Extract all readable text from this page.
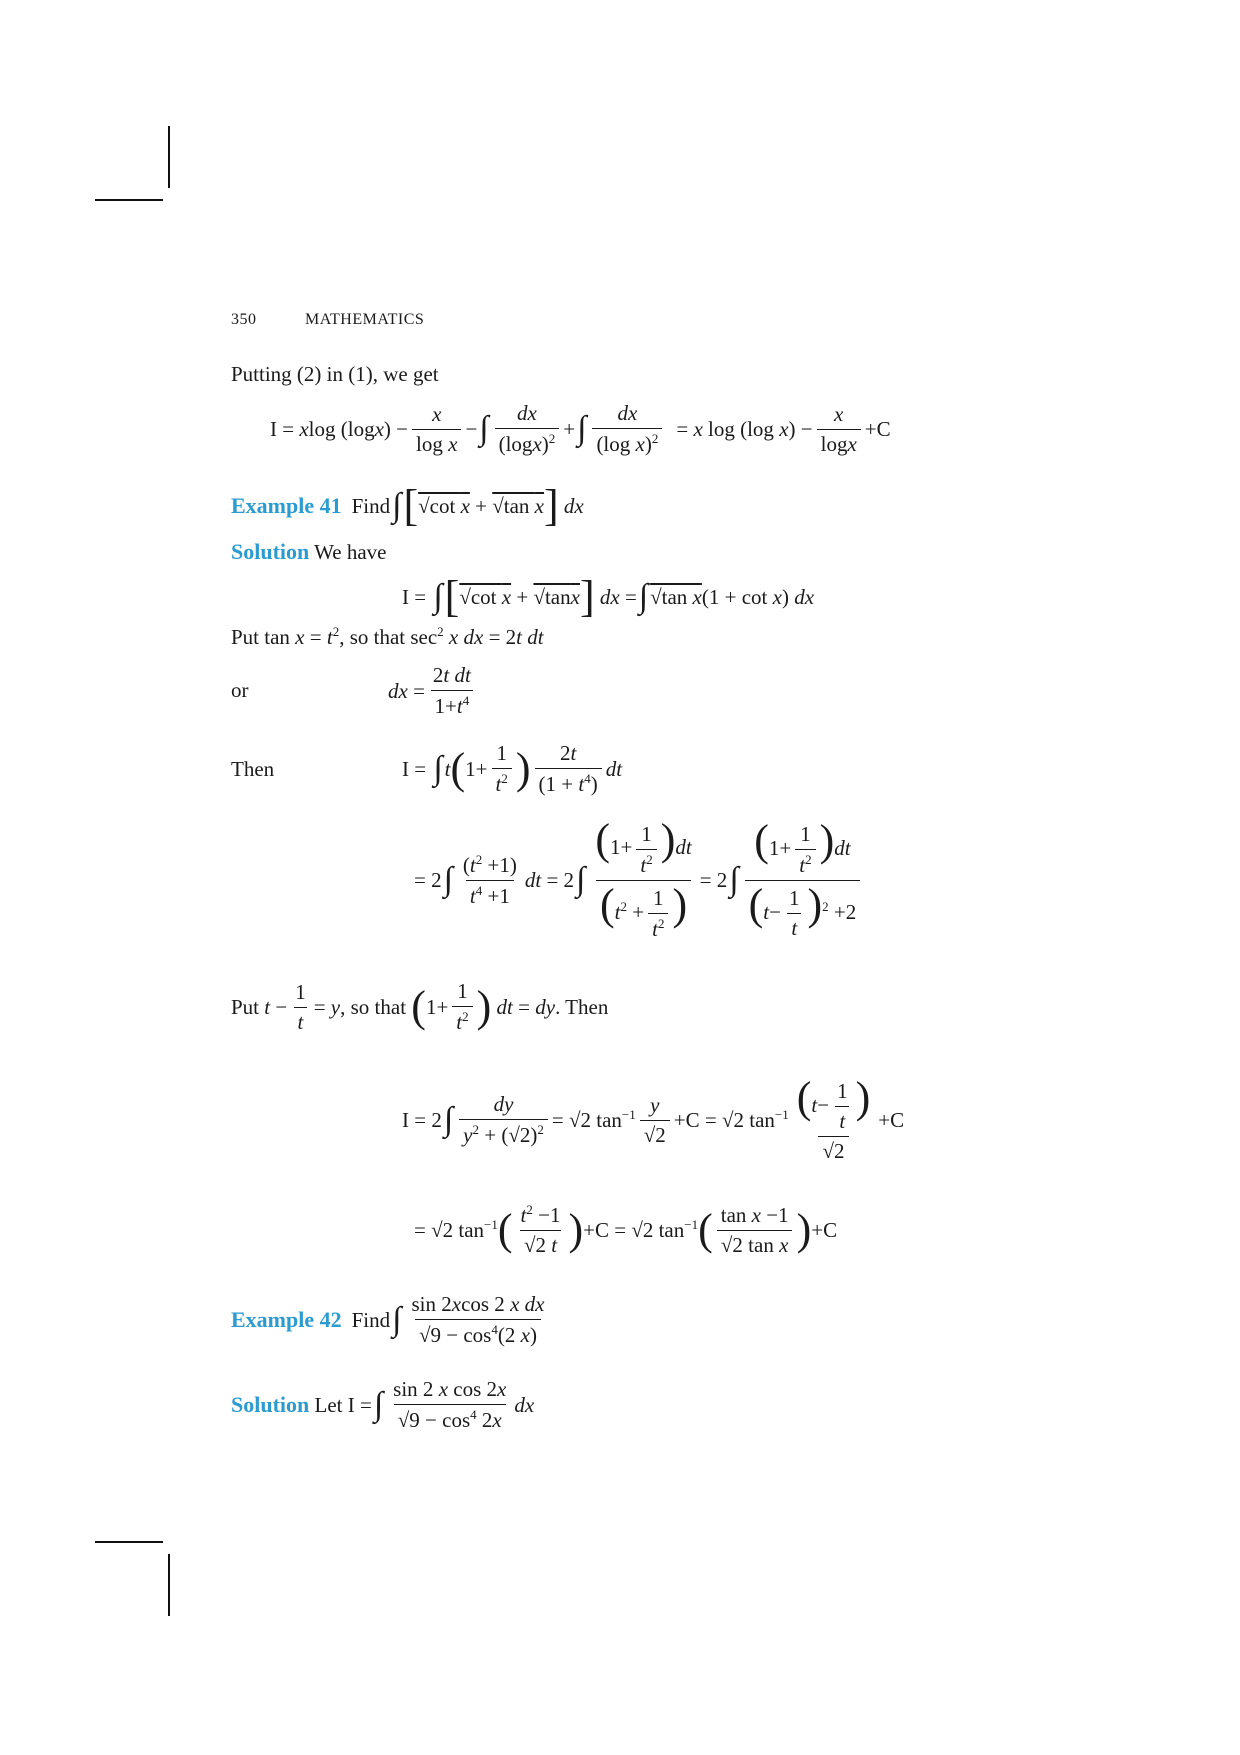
350	MATHEMATICS
Putting (2) in (1), we get
I = xlog $(\log x) - \frac{x}{\text{log x}}$ − ∫ $\frac{dx}{(\log x)^2}$ + ∫ $\frac{dx}{(\log x)^2} = x$ log (log $x) - \frac{x}{\log x} +C$
Example 41 Find ∫ [ √cot x + √tan x ] dx
Solution We have
I = ∫ [ √cot x + √tanx ] dx = ∫ √tan x (1 + cot x) dx
Put $\tan x = t^2$, so that $\sec^2 x$ dx = 2t dt
or	dx = $\frac{\text{2t dt}}{1+t^4}$
Then	I = ∫ t ( $1+ \frac{1}{t^2}$ ) $\frac{2t}{(1 + t^4)}$ dt
= 2 ∫ $\frac{(t^2 +1)}{t^4 +1}$ dt = 2 ∫ $\frac{(1+ \frac{1}{t^2} )dt}{(t^2 + \frac{1}{t^2} )} = 2$ ∫ $\frac{(1+ \frac{1}{t^2} )dt}{(t- \frac{1}{t} )^2 +2}$
Put $t - \frac{1}{t} = y$, so that ( $1+ \frac{1}{t^2}$ ) dt = dy. Then
I = 2 ∫ $\frac{dy}{y^2 + (√2)^2} = √2$ $\tan^{-1} \frac{y}{√2} +C = √2$ $\tan^{-1} \frac{(t- \frac{1}{t} )}{√2} +C$
= √2 $\tan^{-1}$ ( $\frac{t^2 -1}{√2 t}$ ) +C = √2 $\tan^{-1}$ ( $\frac{\text{tan x −1}}{\text{√2 tan x}}$ ) +C
Example 42 Find ∫ $\frac{\text{sin 2xcos 2 x dx}}{√9 - \cos^4(2 x)}$
Solution Let I = ∫ $\frac{\text{sin 2 x cos 2x}}{√9 - \cos^4 2x}$ dx
